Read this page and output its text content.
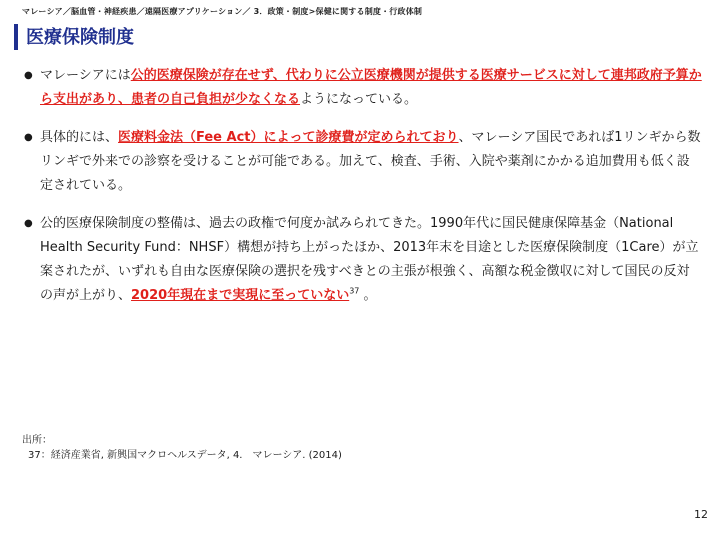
マレーシア／脳血管・神経疾患／遠隔医療アプリケーション／ 3．政策・制度>保健に関する制度・行政体制
医療保険制度
● マレーシアには公的医療保険が存在せず、代わりに公立医療機関が提供する医療サービスに対して連邦政府予算から支出があり、患者の自己負担が少なくなるようになっている。
● 具体的には、医療料金法（Fee Act）によって診療費が定められており、マレーシア国民であれば1リンギから数リンギで外来での診察を受けることが可能である。加えて、検査、手術、入院や薬剤にかかる追加費用も低く設定されている。
● 公的医療保険制度の整備は、過去の政権で何度か試みられてきた。1990年代に国民健康保障基金（National Health Security Fund：NHSF）構想が持ち上がったほか、2013年末を目途とした医療保険制度（1Care）が立案されたが、いずれも自由な医療保険の選択を残すべきとの主張が根強く、高額な税金徴収に対して国民の反対の声が上がり、2020年現在まで実現に至っていない$^{37}$ 。
出所：
37：経済産業省, 新興国マクロヘルスデータ, 4.　マレーシア. (2014)
12
